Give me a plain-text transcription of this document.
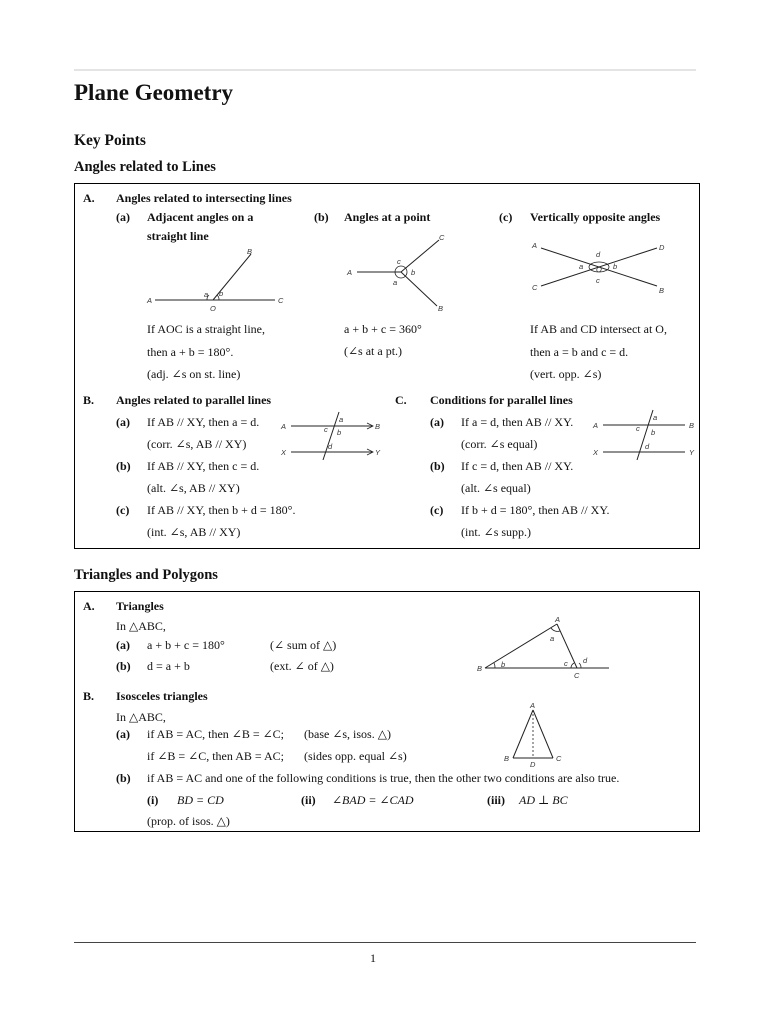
Plane Geometry
Key Points
Angles related to Lines
A. Angles related to intersecting lines
(a) Adjacent angles on a
straight line
(b) Angles at a point	(c) Vertically opposite angles
A
B
C
O
a b
A
C
B
a
b
c
A
B
C
D
O
a	b
c
d
If AOC is a straight line,
then a + b = 180°.
(adj. ∠s on st. line)
a + b + c = 360°
(∠s at a pt.)
If AB and CD intersect at O,
then a = b and c = d.
(vert. opp. ∠s)
B. Angles related to parallel lines
(a) If AB // XY, then a = d.
(corr. ∠s, AB // XY)
(b) If AB // XY, then c = d.
(alt. ∠s, AB // XY)
(c) If AB // XY, then b + d = 180°.
(int. ∠s, AB // XY)
A	B
X	Y
a
b
c
d
C. Conditions for parallel lines
(a) If a = d, then AB // XY.
(corr. ∠s equal)
(b) If c = d, then AB // XY.
(alt. ∠s equal)
(c) If b + d = 180°, then AB // XY.
(int. ∠s supp.)
A	B
X	Y
a
b
c
d
Triangles and Polygons
A. Triangles
In △ABC,
(a) a + b + c = 180°	(∠ sum of △)
(b) d = a + b	(ext. ∠ of △)
A
B
C
a
b	c d
B. Isosceles triangles
In △ABC,
(a) if AB = AC, then ∠B = ∠C; (base ∠s, isos. △)
if ∠B = ∠C, then AB = AC; (sides opp. equal ∠s)
A
B	C
D
(b) if AB = AC and one of the following conditions is true, then the other two conditions are also true.
(i) BD = CD	(ii) ∠BAD = ∠CAD	(iii) AD ⊥ BC
(prop. of isos. △)
1
